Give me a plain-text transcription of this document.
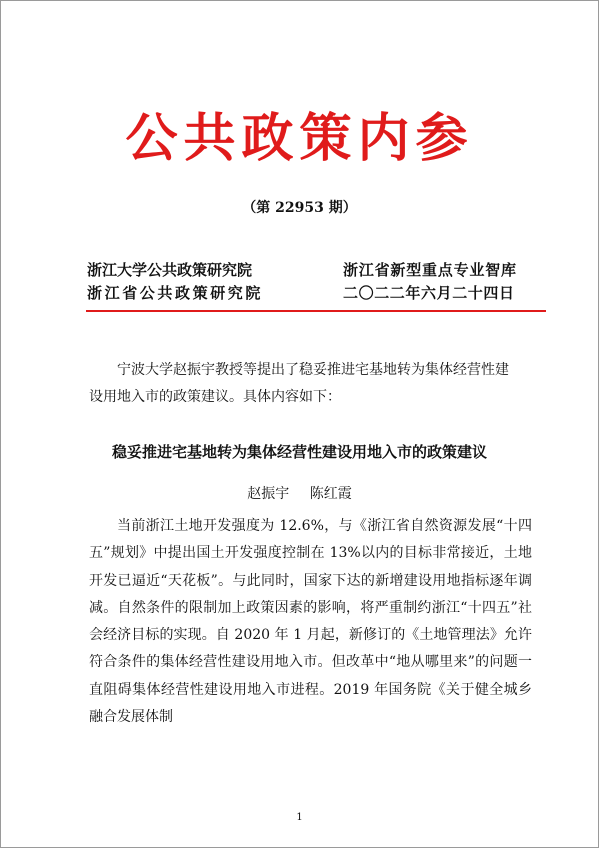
公共政策内参
（第 22953 期）
浙江大学公共政策研究院
浙江省公共政策研究院
浙江省新型重点专业智库
二〇二二年六月二十四日
宁波大学赵振宇教授等提出了稳妥推进宅基地转为集体经营性建设用地入市的政策建议。具体内容如下：
稳妥推进宅基地转为集体经营性建设用地入市的政策建议
赵振宇 陈红霞
当前浙江土地开发强度为 12.6%，与《浙江省自然资源发展“十四五”规划》中提出国土开发强度控制在 13%以内的目标非常接近，土地开发已逼近“天花板”。与此同时，国家下达的新增建设用地指标逐年调减。自然条件的限制加上政策因素的影响，将严重制约浙江“十四五”社会经济目标的实现。自 2020 年 1 月起，新修订的《土地管理法》允许符合条件的集体经营性建设用地入市。但改革中“地从哪里来”的问题一直阻碍集体经营性建设用地入市进程。2019 年国务院《关于健全城乡融合发展体制
1
